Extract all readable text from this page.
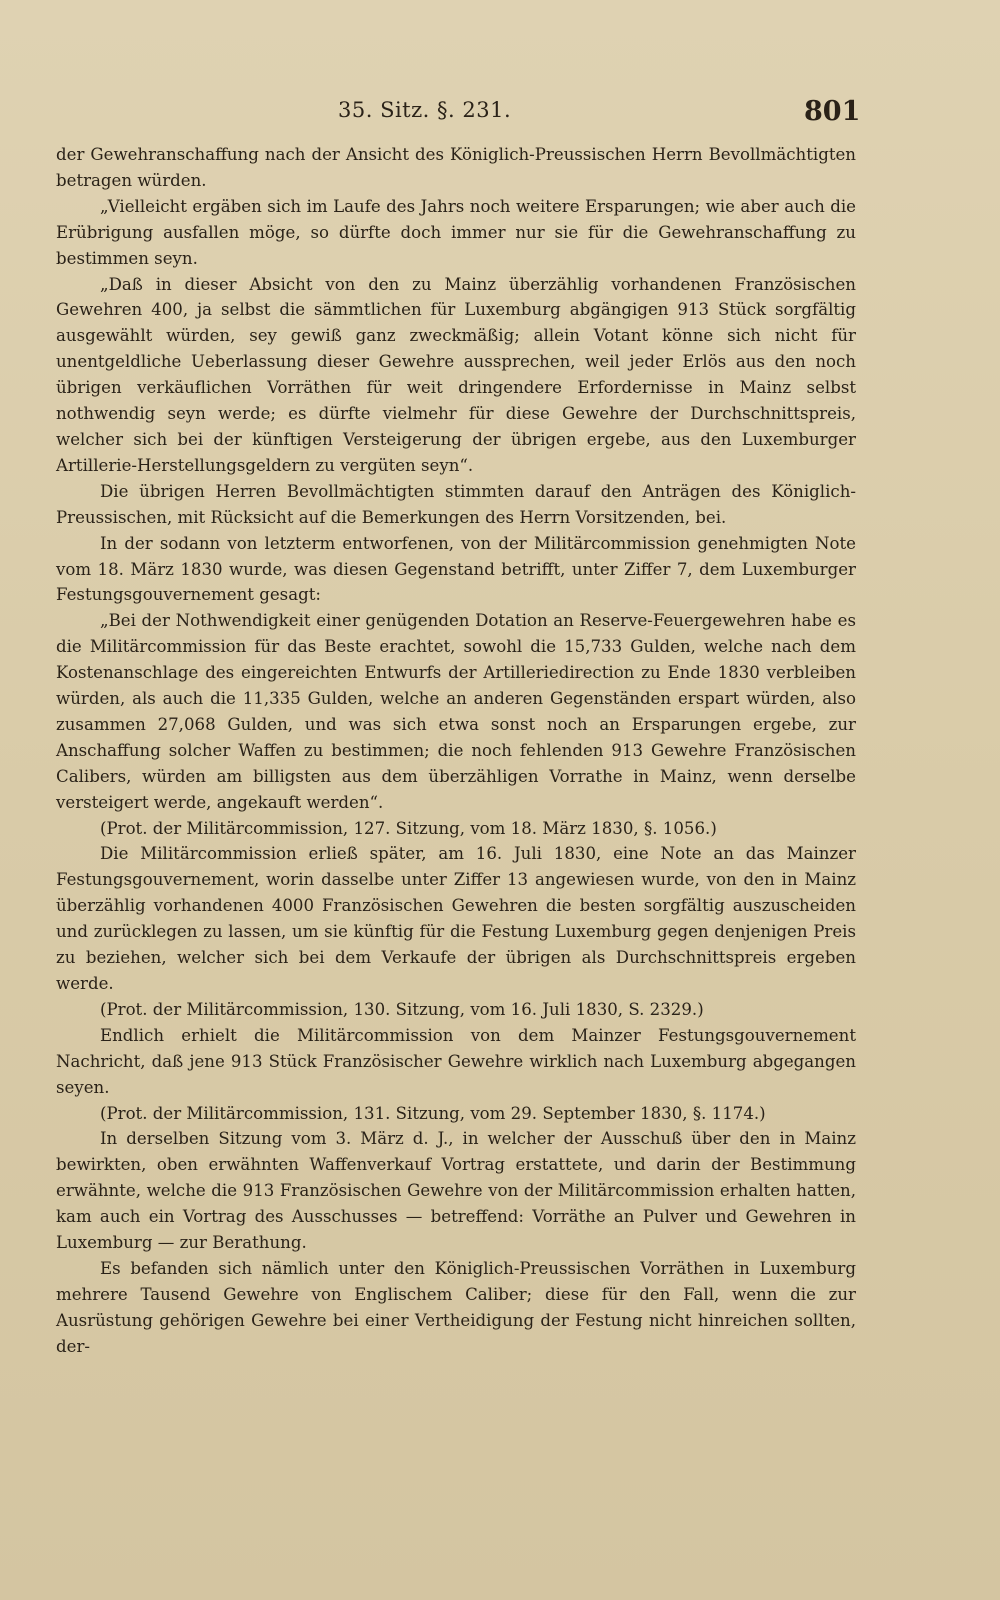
35. Sitz. §. 231.	801

der Gewehranschaffung nach der Ansicht des Königlich-Preussischen Herrn Bevollmächtigten betragen würden.

„Vielleicht ergäben sich im Laufe des Jahrs noch weitere Ersparungen; wie aber auch die Erübrigung ausfallen möge, so dürfte doch immer nur sie für die Gewehranschaffung zu bestimmen seyn.

„Daß in dieser Absicht von den zu Mainz überzählig vorhandenen Französischen Gewehren 400, ja selbst die sämmtlichen für Luxemburg abgängigen 913 Stück sorgfältig ausgewählt würden, sey gewiß ganz zweckmäßig; allein Votant könne sich nicht für unentgeldliche Ueberlassung dieser Gewehre aussprechen, weil jeder Erlös aus den noch übrigen verkäuflichen Vorräthen für weit dringendere Erfordernisse in Mainz selbst nothwendig seyn werde; es dürfte vielmehr für diese Gewehre der Durchschnittspreis, welcher sich bei der künftigen Versteigerung der übrigen ergebe, aus den Luxemburger Artillerie-Herstellungsgeldern zu vergüten seyn“.

Die übrigen Herren Bevollmächtigten stimmten darauf den Anträgen des Königlich-Preussischen, mit Rücksicht auf die Bemerkungen des Herrn Vorsitzenden, bei.

In der sodann von letzterm entworfenen, von der Militärcommission genehmigten Note vom 18. März 1830 wurde, was diesen Gegenstand betrifft, unter Ziffer 7, dem Luxemburger Festungsgouvernement gesagt:

„Bei der Nothwendigkeit einer genügenden Dotation an Reserve-Feuergewehren habe es die Militärcommission für das Beste erachtet, sowohl die 15,733 Gulden, welche nach dem Kostenanschlage des eingereichten Entwurfs der Artilleriedirection zu Ende 1830 verbleiben würden, als auch die 11,335 Gulden, welche an anderen Gegenständen erspart würden, also zusammen 27,068 Gulden, und was sich etwa sonst noch an Ersparungen ergebe, zur Anschaffung solcher Waffen zu bestimmen; die noch fehlenden 913 Gewehre Französischen Calibers, würden am billigsten aus dem überzähligen Vorrathe in Mainz, wenn derselbe versteigert werde, angekauft werden“.

(Prot. der Militärcommission, 127. Sitzung, vom 18. März 1830, §. 1056.)

Die Militärcommission erließ später, am 16. Juli 1830, eine Note an das Mainzer Festungsgouvernement, worin dasselbe unter Ziffer 13 angewiesen wurde, von den in Mainz überzählig vorhandenen 4000 Französischen Gewehren die besten sorgfältig auszuscheiden und zurücklegen zu lassen, um sie künftig für die Festung Luxemburg gegen denjenigen Preis zu beziehen, welcher sich bei dem Verkaufe der übrigen als Durchschnittspreis ergeben werde.

(Prot. der Militärcommission, 130. Sitzung, vom 16. Juli 1830, S. 2329.)

Endlich erhielt die Militärcommission von dem Mainzer Festungsgouvernement Nachricht, daß jene 913 Stück Französischer Gewehre wirklich nach Luxemburg abgegangen seyen.

(Prot. der Militärcommission, 131. Sitzung, vom 29. September 1830, §. 1174.)

In derselben Sitzung vom 3. März d. J., in welcher der Ausschuß über den in Mainz bewirkten, oben erwähnten Waffenverkauf Vortrag erstattete, und darin der Bestimmung erwähnte, welche die 913 Französischen Gewehre von der Militärcommission erhalten hatten, kam auch ein Vortrag des Ausschusses — betreffend: Vorräthe an Pulver und Gewehren in Luxemburg — zur Berathung.

Es befanden sich nämlich unter den Königlich-Preussischen Vorräthen in Luxemburg mehrere Tausend Gewehre von Englischem Caliber; diese für den Fall, wenn die zur Ausrüstung gehörigen Gewehre bei einer Vertheidigung der Festung nicht hinreichen sollten, der-
